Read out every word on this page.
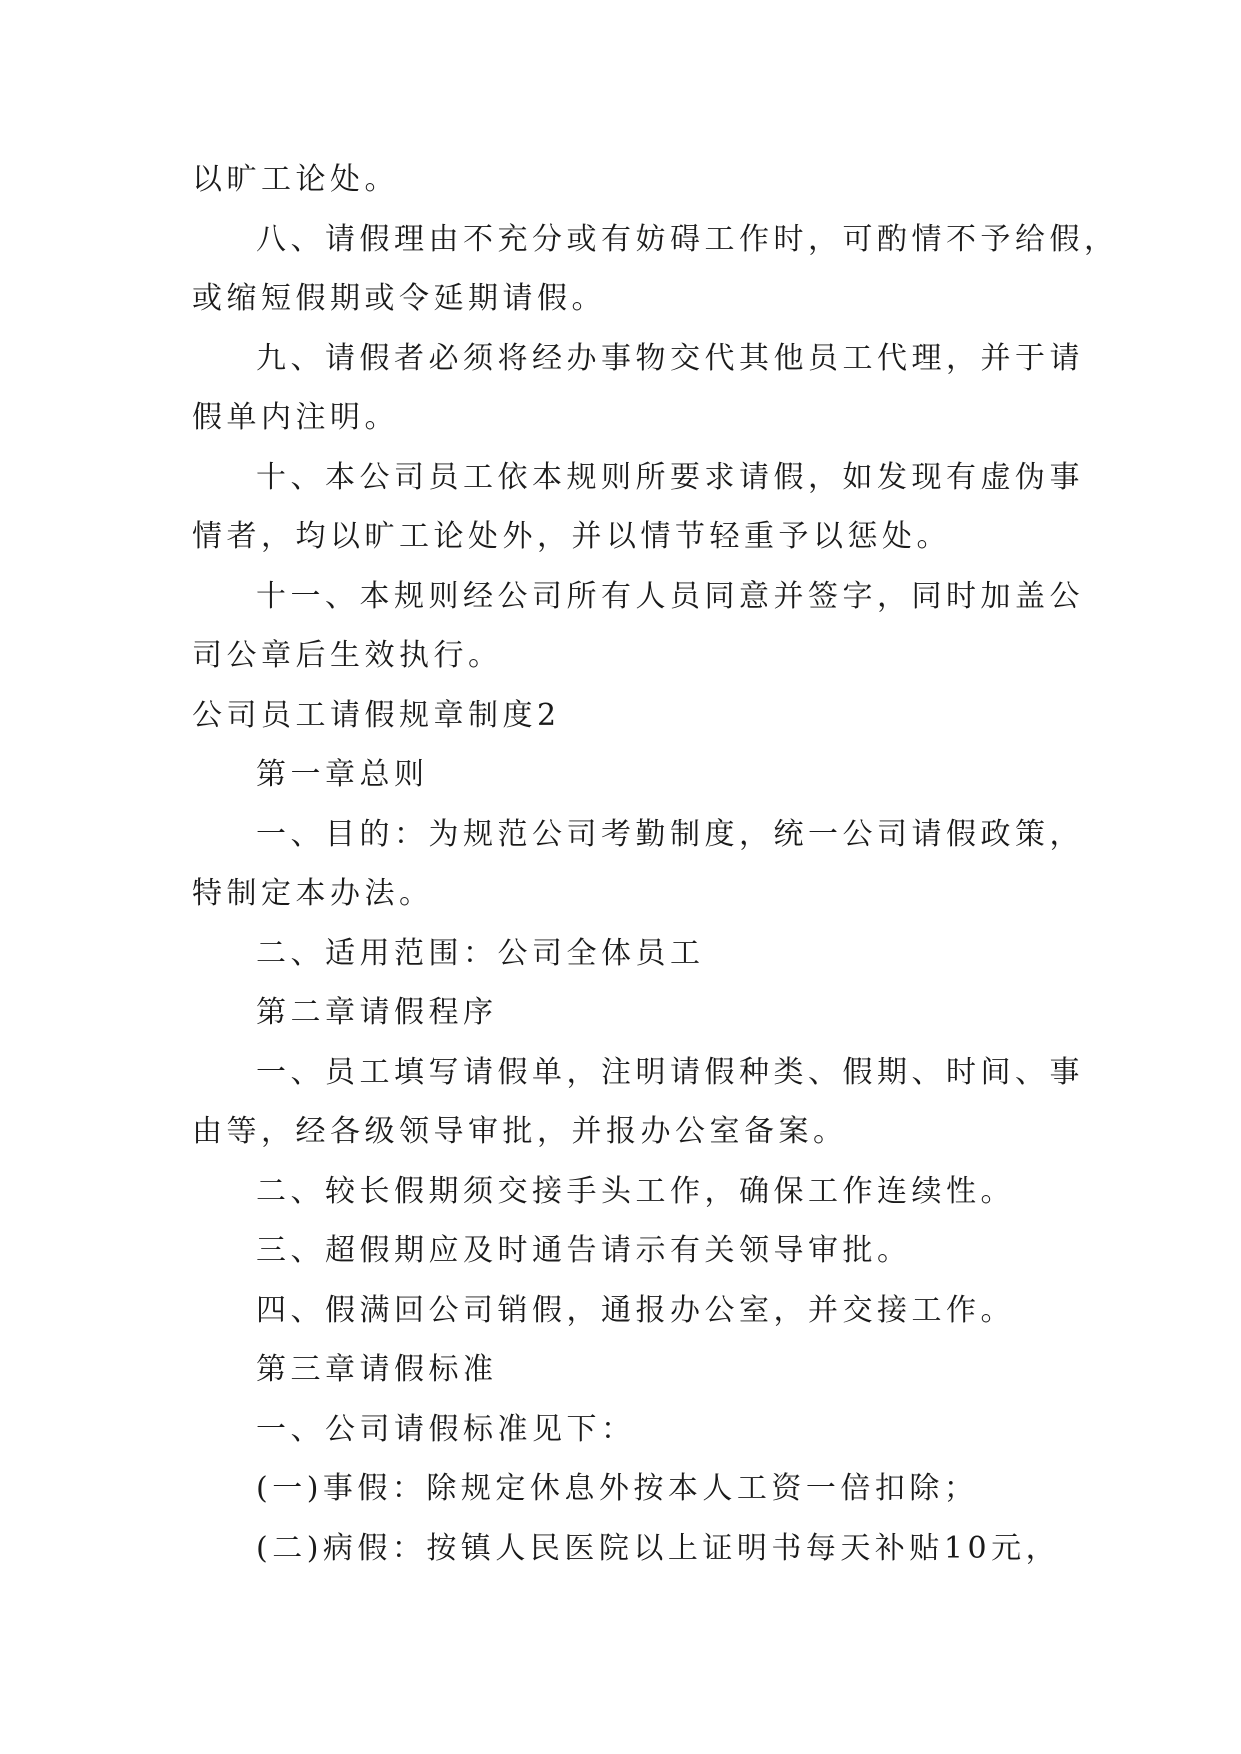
以旷工论处。
八、请假理由不充分或有妨碍工作时，可酌情不予给假，
或缩短假期或令延期请假。
九、请假者必须将经办事物交代其他员工代理，并于请
假单内注明。
十、本公司员工依本规则所要求请假，如发现有虚伪事
情者，均以旷工论处外，并以情节轻重予以惩处。
十一、本规则经公司所有人员同意并签字，同时加盖公
司公章后生效执行。
公司员工请假规章制度2
第一章总则
一、目的：为规范公司考勤制度，统一公司请假政策，
特制定本办法。
二、适用范围：公司全体员工
第二章请假程序
一、员工填写请假单，注明请假种类、假期、时间、事
由等，经各级领导审批，并报办公室备案。
二、较长假期须交接手头工作，确保工作连续性。
三、超假期应及时通告请示有关领导审批。
四、假满回公司销假，通报办公室，并交接工作。
第三章请假标准
一、公司请假标准见下：
(一)事假：除规定休息外按本人工资一倍扣除；
(二)病假：按镇人民医院以上证明书每天补贴10元，
